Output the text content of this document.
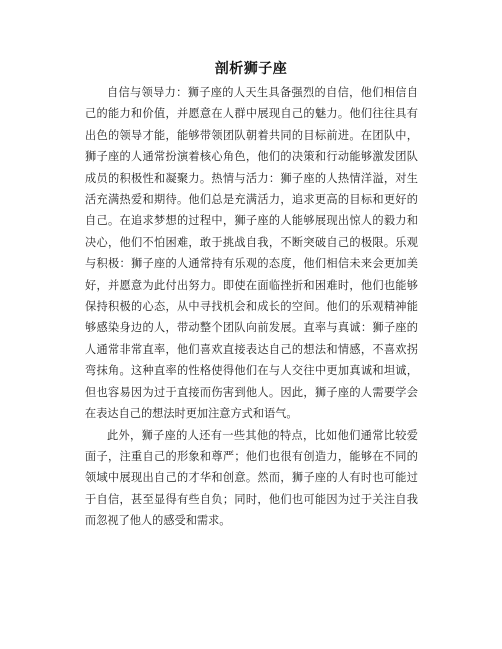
剖析狮子座

自信与领导力：狮子座的人天生具备强烈的自信，他们相信自己的能力和价值，并愿意在人群中展现自己的魅力。他们往往具有出色的领导才能，能够带领团队朝着共同的目标前进。在团队中，狮子座的人通常扮演着核心角色，他们的决策和行动能够激发团队成员的积极性和凝聚力。热情与活力：狮子座的人热情洋溢，对生活充满热爱和期待。他们总是充满活力，追求更高的目标和更好的自己。在追求梦想的过程中，狮子座的人能够展现出惊人的毅力和决心，他们不怕困难，敢于挑战自我，不断突破自己的极限。乐观与积极：狮子座的人通常持有乐观的态度，他们相信未来会更加美好，并愿意为此付出努力。即使在面临挫折和困难时，他们也能够保持积极的心态，从中寻找机会和成长的空间。他们的乐观精神能够感染身边的人，带动整个团队向前发展。直率与真诚：狮子座的人通常非常直率，他们喜欢直接表达自己的想法和情感，不喜欢拐弯抹角。这种直率的性格使得他们在与人交往中更加真诚和坦诚，但也容易因为过于直接而伤害到他人。因此，狮子座的人需要学会在表达自己的想法时更加注意方式和语气。

此外，狮子座的人还有一些其他的特点，比如他们通常比较爱面子，注重自己的形象和尊严；他们也很有创造力，能够在不同的领域中展现出自己的才华和创意。然而，狮子座的人有时也可能过于自信，甚至显得有些自负；同时，他们也可能因为过于关注自我而忽视了他人的感受和需求。
